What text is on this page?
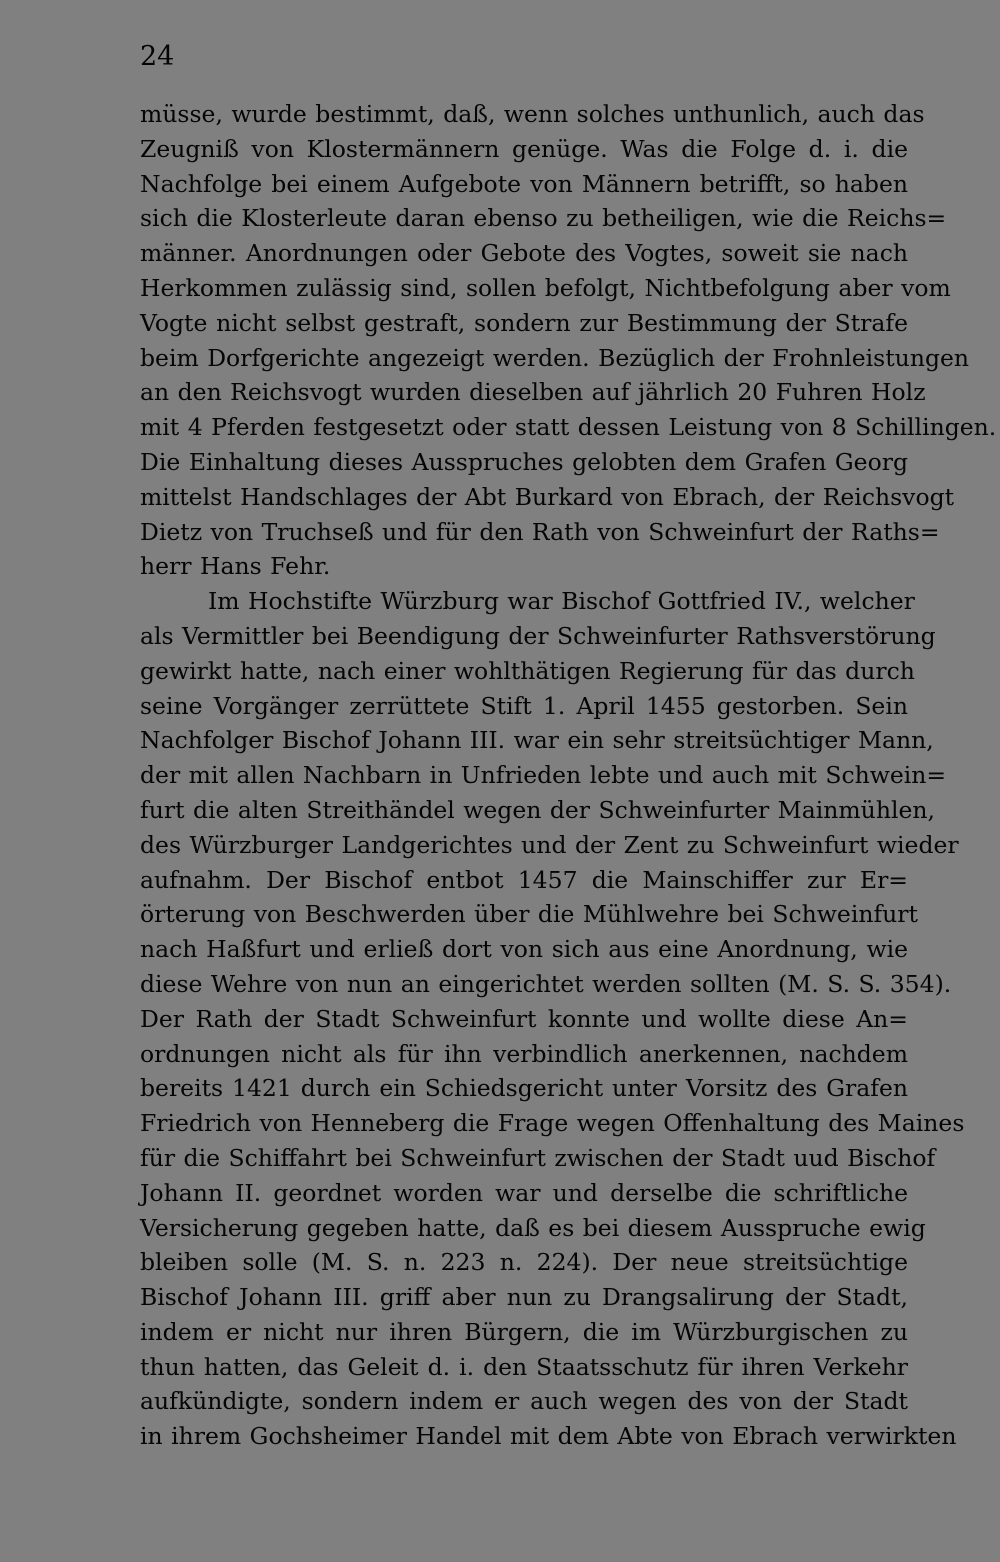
24
müsse, wurde bestimmt, daß, wenn solches unthunlich, auch das
Zeugniß von Klostermännern genüge. Was die Folge d. i. die
Nachfolge bei einem Aufgebote von Männern betrifft, so haben
sich die Klosterleute daran ebenso zu betheiligen, wie die Reichs=
männer. Anordnungen oder Gebote des Vogtes, soweit sie nach
Herkommen zulässig sind, sollen befolgt, Nichtbefolgung aber vom
Vogte nicht selbst gestraft, sondern zur Bestimmung der Strafe
beim Dorfgerichte angezeigt werden. Bezüglich der Frohnleistungen
an den Reichsvogt wurden dieselben auf jährlich 20 Fuhren Holz
mit 4 Pferden festgesetzt oder statt dessen Leistung von 8 Schillingen.
Die Einhaltung dieses Ausspruches gelobten dem Grafen Georg
mittelst Handschlages der Abt Burkard von Ebrach, der Reichsvogt
Dietz von Truchseß und für den Rath von Schweinfurt der Raths=
herr Hans Fehr.
Im Hochstifte Würzburg war Bischof Gottfried IV., welcher
als Vermittler bei Beendigung der Schweinfurter Rathsverstörung
gewirkt hatte, nach einer wohlthätigen Regierung für das durch
seine Vorgänger zerrüttete Stift 1. April 1455 gestorben. Sein
Nachfolger Bischof Johann III. war ein sehr streitsüchtiger Mann,
der mit allen Nachbarn in Unfrieden lebte und auch mit Schwein=
furt die alten Streithändel wegen der Schweinfurter Mainmühlen,
des Würzburger Landgerichtes und der Zent zu Schweinfurt wieder
aufnahm. Der Bischof entbot 1457 die Mainschiffer zur Er=
örterung von Beschwerden über die Mühlwehre bei Schweinfurt
nach Haßfurt und erließ dort von sich aus eine Anordnung, wie
diese Wehre von nun an eingerichtet werden sollten (M. S. S. 354).
Der Rath der Stadt Schweinfurt konnte und wollte diese An=
ordnungen nicht als für ihn verbindlich anerkennen, nachdem
bereits 1421 durch ein Schiedsgericht unter Vorsitz des Grafen
Friedrich von Henneberg die Frage wegen Offenhaltung des Maines
für die Schiffahrt bei Schweinfurt zwischen der Stadt uud Bischof
Johann II. geordnet worden war und derselbe die schriftliche
Versicherung gegeben hatte, daß es bei diesem Ausspruche ewig
bleiben solle (M. S. n. 223 n. 224). Der neue streitsüchtige
Bischof Johann III. griff aber nun zu Drangsalirung der Stadt,
indem er nicht nur ihren Bürgern, die im Würzburgischen zu
thun hatten, das Geleit d. i. den Staatsschutz für ihren Verkehr
aufkündigte, sondern indem er auch wegen des von der Stadt
in ihrem Gochsheimer Handel mit dem Abte von Ebrach verwirkten
